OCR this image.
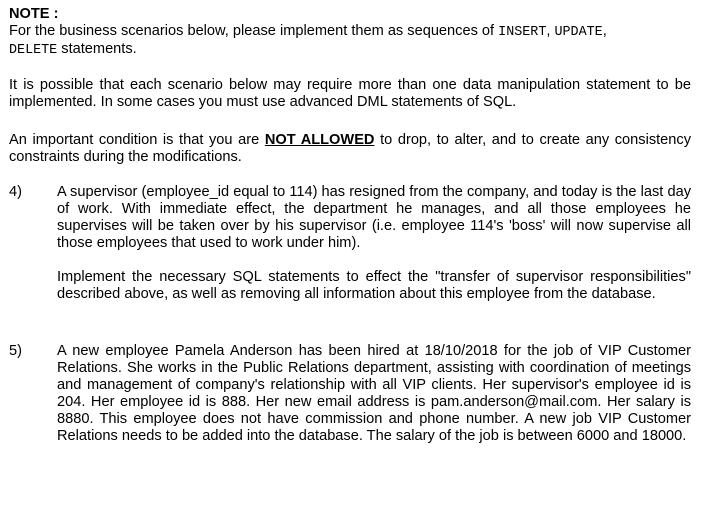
NOTE :

For the business scenarios below, please implement them as sequences of INSERT, UPDATE,
DELETE statements.

It is possible that each scenario below may require more than one data manipulation statement to be implemented. In some cases you must use advanced DML statements of SQL.

An important condition is that you are NOT ALLOWED to drop, to alter, and to create any consistency constraints during the modifications.

4)	A supervisor (employee_id equal to 114) has resigned from the company, and today is the last day of work. With immediate effect, the department he manages, and all those employees he supervises will be taken over by his supervisor (i.e. employee 114's 'boss' will now supervise all those employees that used to work under him).

Implement the necessary SQL statements to effect the "transfer of supervisor responsibilities" described above, as well as removing all information about this employee from the database.

5)	A new employee Pamela Anderson has been hired at 18/10/2018 for the job of VIP Customer Relations. She works in the Public Relations department, assisting with coordination of meetings and management of company's relationship with all VIP clients. Her supervisor's employee id is 204. Her employee id is 888. Her new email address is pam.anderson@mail.com. Her salary is 8880. This employee does not have commission and phone number. A new job VIP Customer Relations needs to be added into the database. The salary of the job is between 6000 and 18000.
